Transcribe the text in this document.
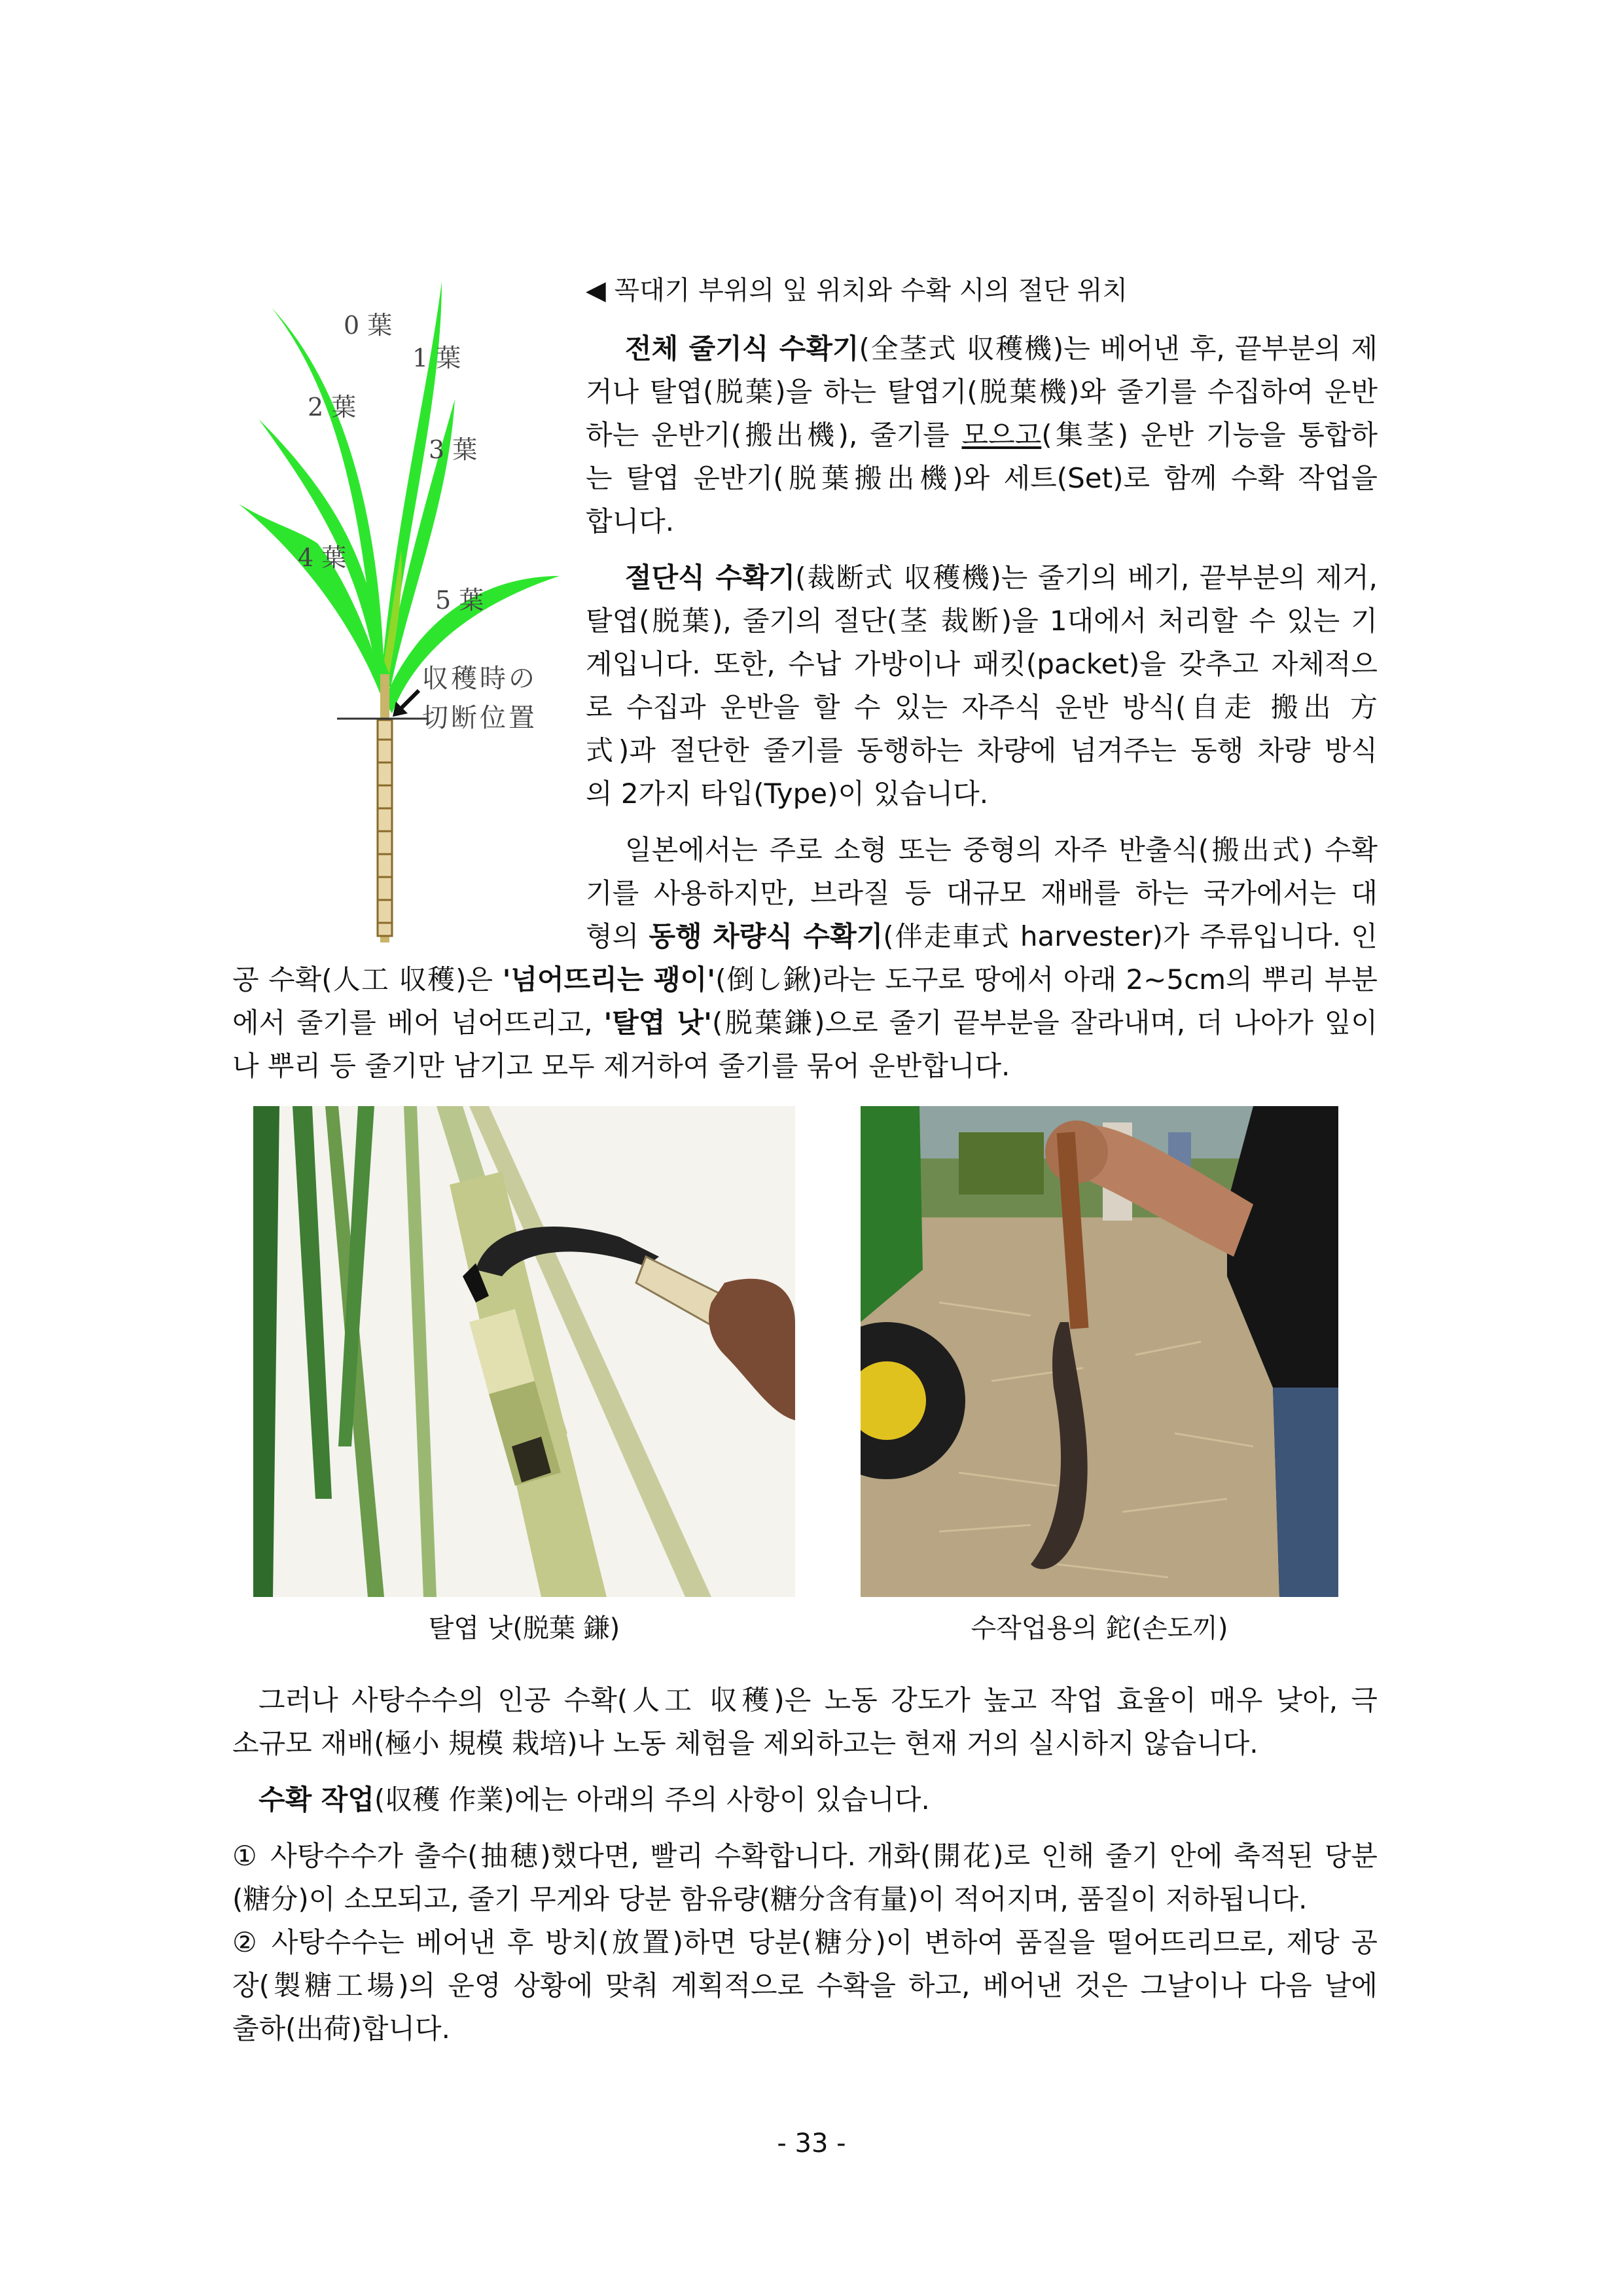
0 葉
1 葉
2 葉
3 葉
4 葉
5 葉
収穫時の
切断位置
◀ 꼭대기 부위의 잎 위치와 수확 시의 절단 위치
전체 줄기식 수확기(全茎式 収穫機)는 베어낸 후, 끝부분의 제
거나 탈엽(脱葉)을 하는 탈엽기(脱葉機)와 줄기를 수집하여 운반
하는 운반기(搬出機), 줄기를 모으고(集茎) 운반 기능을 통합하
는 탈엽 운반기(脱葉搬出機)와 세트(Set)로 함께 수확 작업을
합니다.
절단식 수확기(裁断式 収穫機)는 줄기의 베기, 끝부분의 제거,
탈엽(脱葉), 줄기의 절단(茎 裁断)을 1대에서 처리할 수 있는 기
계입니다. 또한, 수납 가방이나 패킷(packet)을 갖추고 자체적으
로 수집과 운반을 할 수 있는 자주식 운반 방식(自走 搬出 方
式)과 절단한 줄기를 동행하는 차량에 넘겨주는 동행 차량 방식
의 2가지 타입(Type)이 있습니다.
일본에서는 주로 소형 또는 중형의 자주 반출식(搬出式) 수확
기를 사용하지만, 브라질 등 대규모 재배를 하는 국가에서는 대
형의 동행 차량식 수확기(伴走車式 harvester)가 주류입니다. 인
공 수확(人工 収穫)은 '넘어뜨리는 괭이'(倒し鍬)라는 도구로 땅에서 아래 2~5cm의 뿌리 부분
에서 줄기를 베어 넘어뜨리고, '탈엽 낫'(脱葉鎌)으로 줄기 끝부분을 잘라내며, 더 나아가 잎이
나 뿌리 등 줄기만 남기고 모두 제거하여 줄기를 묶어 운반합니다.
탈엽 낫(脱葉 鎌)	수작업용의 鉈(손도끼)
그러나 사탕수수의 인공 수확(人工 収穫)은 노동 강도가 높고 작업 효율이 매우 낮아, 극
소규모 재배(極小 規模 栽培)나 노동 체험을 제외하고는 현재 거의 실시하지 않습니다.
수확 작업(収穫 作業)에는 아래의 주의 사항이 있습니다.
① 사탕수수가 출수(抽穂)했다면, 빨리 수확합니다. 개화(開花)로 인해 줄기 안에 축적된 당분
(糖分)이 소모되고, 줄기 무게와 당분 함유량(糖分含有量)이 적어지며, 품질이 저하됩니다.
② 사탕수수는 베어낸 후 방치(放置)하면 당분(糖分)이 변하여 품질을 떨어뜨리므로, 제당 공
장(製糖工場)의 운영 상황에 맞춰 계획적으로 수확을 하고, 베어낸 것은 그날이나 다음 날에
출하(出荷)합니다.
- 33 -
